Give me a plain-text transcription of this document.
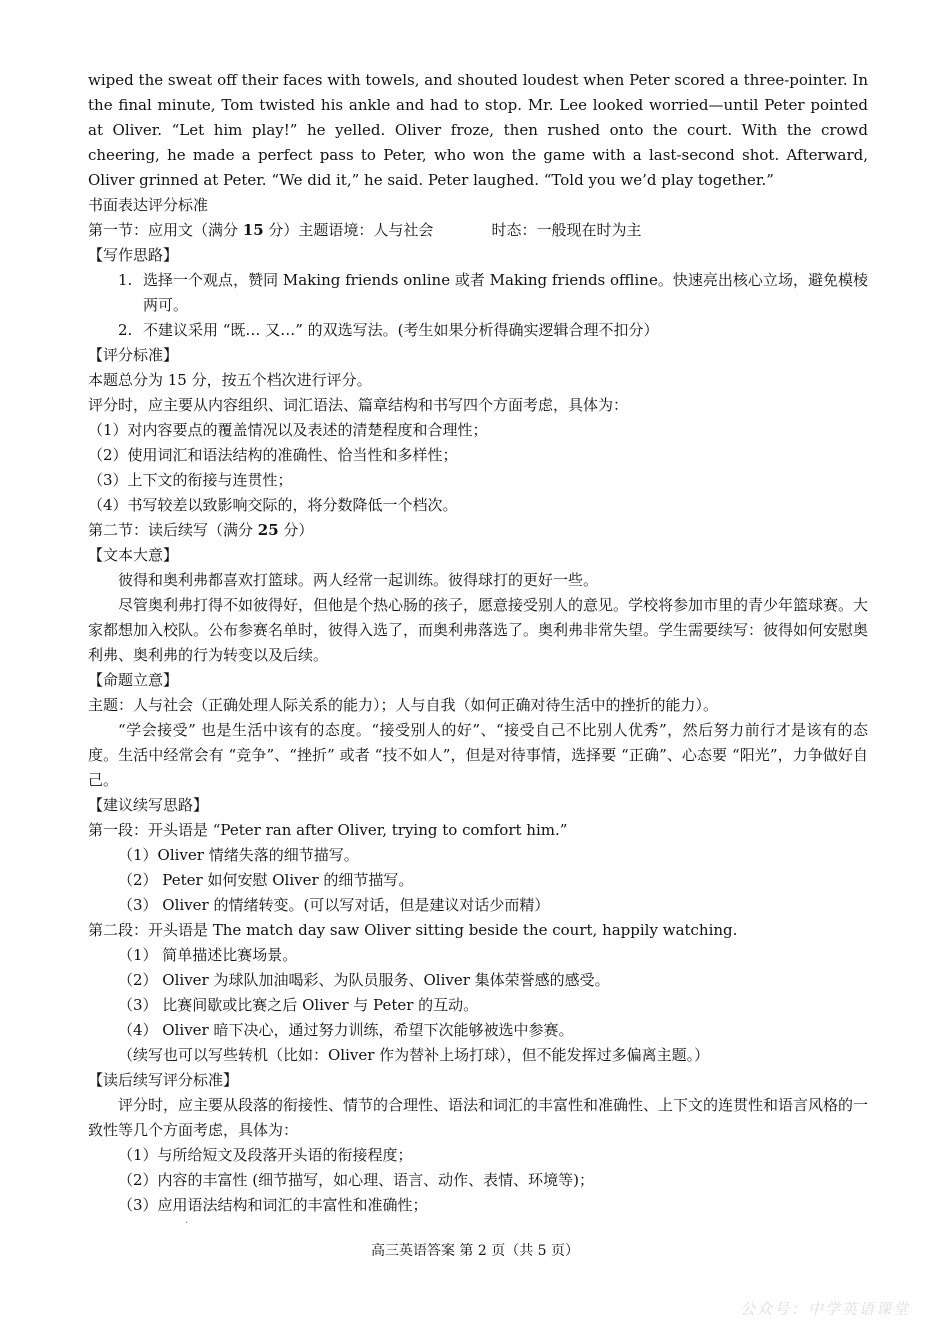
wiped the sweat off their faces with towels, and shouted loudest when Peter scored a three-pointer. In the final minute, Tom twisted his ankle and had to stop. Mr. Lee looked worried—until Peter pointed at Oliver. “Let him play!” he yelled. Oliver froze, then rushed onto the court. With the crowd cheering, he made a perfect pass to Peter, who won the game with a last-second shot. Afterward, Oliver grinned at Peter. “We did it,” he said. Peter laughed. “Told you we’d play together.”

书面表达评分标准

第一节：应用文（满分 15 分）主题语境：人与社会	时态：一般现在时为主

【写作思路】

1. 选择一个观点，赞同 Making friends online 或者 Making friends offline。快速亮出核心立场，避免模棱两可。
2. 不建议采用 “既… 又…” 的双选写法。(考生如果分析得确实逻辑合理不扣分）

【评分标准】

本题总分为 15 分，按五个档次进行评分。

评分时，应主要从内容组织、词汇语法、篇章结构和书写四个方面考虑，具体为：

（1）对内容要点的覆盖情况以及表述的清楚程度和合理性；

（2）使用词汇和语法结构的准确性、恰当性和多样性；

（3）上下文的衔接与连贯性；

（4）书写较差以致影响交际的，将分数降低一个档次。

第二节：读后续写（满分 25 分）

【文本大意】

彼得和奥利弗都喜欢打篮球。两人经常一起训练。彼得球打的更好一些。

尽管奥利弗打得不如彼得好，但他是个热心肠的孩子，愿意接受别人的意见。学校将参加市里的青少年篮球赛。大家都想加入校队。公布参赛名单时，彼得入选了，而奥利弗落选了。奥利弗非常失望。学生需要续写：彼得如何安慰奥利弗、奥利弗的行为转变以及后续。

【命题立意】

主题：人与社会（正确处理人际关系的能力）；人与自我（如何正确对待生活中的挫折的能力）。

“学会接受” 也是生活中该有的态度。“接受别人的好”、“接受自己不比别人优秀”，然后努力前行才是该有的态度。生活中经常会有 “竞争”、“挫折” 或者 “技不如人”，但是对待事情，选择要 “正确”、心态要 “阳光”，力争做好自己。

【建议续写思路】

第一段：开头语是 “Peter ran after Oliver, trying to comfort him.”

（1）Oliver 情绪失落的细节描写。

（2） Peter 如何安慰 Oliver 的细节描写。

（3） Oliver 的情绪转变。(可以写对话，但是建议对话少而精）

第二段：开头语是 The match day saw Oliver sitting beside the court, happily watching.

（1） 简单描述比赛场景。

（2） Oliver 为球队加油喝彩、为队员服务、Oliver 集体荣誉感的感受。

（3） 比赛间歇或比赛之后 Oliver 与 Peter 的互动。

（4） Oliver 暗下决心，通过努力训练，希望下次能够被选中参赛。

（续写也可以写些转机（比如：Oliver 作为替补上场打球），但不能发挥过多偏离主题。）

【读后续写评分标准】

评分时，应主要从段落的衔接性、情节的合理性、语法和词汇的丰富性和准确性、上下文的连贯性和语言风格的一致性等几个方面考虑，具体为：

（1）与所给短文及段落开头语的衔接程度；

（2）内容的丰富性 (细节描写，如心理、语言、动作、表情、环境等)；

（3）应用语法结构和词汇的丰富性和准确性；

·
高三英语答案 第 2 页（共 5 页）
公众号：中学英语课堂
